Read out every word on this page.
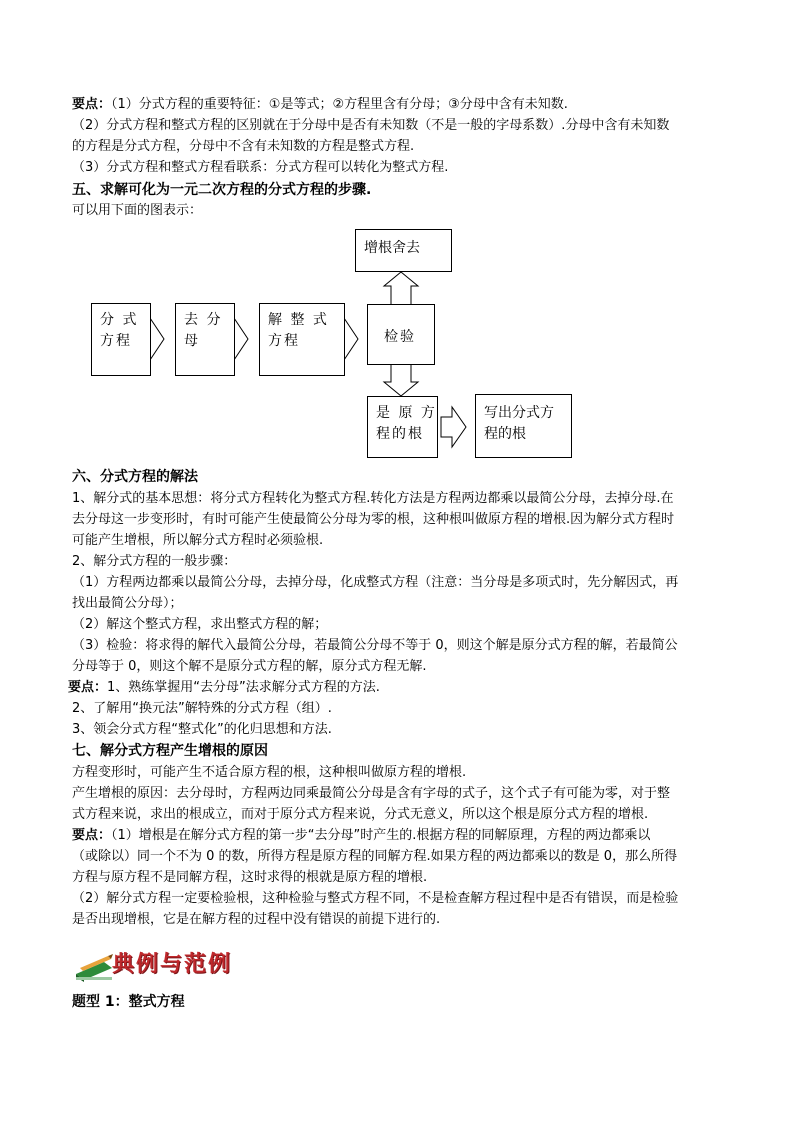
要点：（1）分式方程的重要特征：①是等式；②方程里含有分母；③分母中含有未知数.
（2）分式方程和整式方程的区别就在于分母中是否有未知数（不是一般的字母系数）.分母中含有未知数
的方程是分式方程，分母中不含有未知数的方程是整式方程.
（3）分式方程和整式方程看联系：分式方程可以转化为整式方程.
五、求解可化为一元二次方程的分式方程的步骤.
可以用下面的图表示：
分 式
方程
去 分
母
解 整 式
方程	检验
增根舍去
是 原 方
程的根
写出分式方
程的根
六、分式方程的解法
1、解分式的基本思想：将分式方程转化为整式方程.转化方法是方程两边都乘以最简公分母，去掉分母.在
去分母这一步变形时，有时可能产生使最简公分母为零的根，这种根叫做原方程的增根.因为解分式方程时
可能产生增根，所以解分式方程时必须验根.
2、解分式方程的一般步骤：
（1）方程两边都乘以最简公分母，去掉分母，化成整式方程（注意：当分母是多项式时，先分解因式，再
找出最简公分母）；
（2）解这个整式方程，求出整式方程的解；
（3）检验：将求得的解代入最简公分母，若最简公分母不等于 0，则这个解是原分式方程的解，若最简公
分母等于 0，则这个解不是原分式方程的解，原分式方程无解.
要点：1、熟练掌握用“去分母”法求解分式方程的方法.
2、了解用“换元法”解特殊的分式方程（组）.
3、领会分式方程“整式化”的化归思想和方法.
七、解分式方程产生增根的原因
方程变形时，可能产生不适合原方程的根，这种根叫做原方程的增根.
产生增根的原因：去分母时，方程两边同乘最简公分母是含有字母的式子，这个式子有可能为零，对于整
式方程来说，求出的根成立，而对于原分式方程来说，分式无意义，所以这个根是原分式方程的增根.
要点：（1）增根是在解分式方程的第一步“去分母”时产生的.根据方程的同解原理，方程的两边都乘以
（或除以）同一个不为 0 的数，所得方程是原方程的同解方程.如果方程的两边都乘以的数是 0，那么所得
方程与原方程不是同解方程，这时求得的根就是原方程的增根.
（2）解分式方程一定要检验根，这种检验与整式方程不同，不是检查解方程过程中是否有错误，而是检验
是否出现增根，它是在解方程的过程中没有错误的前提下进行的.
典例与范例
题型 1：整式方程
